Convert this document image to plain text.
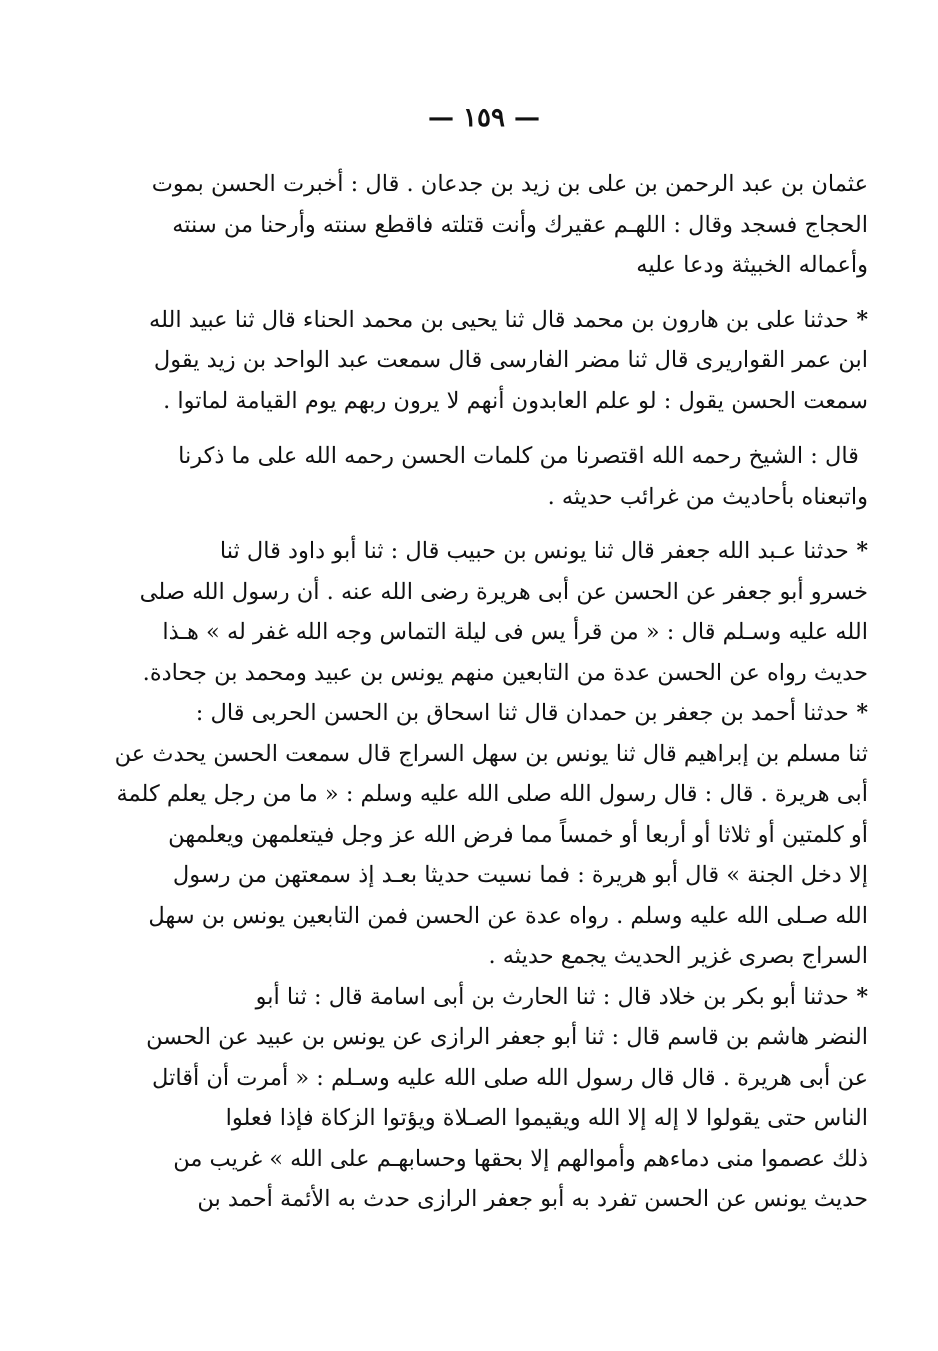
— ١٥٩ —

عثمان بن عبد الرحمن بن على بن زيد بن جدعان . قال : أخبرت الحسن بموت
الحجاج فسجد وقال : اللهـم عقيرك وأنت قتلته فاقطع سنته وأرحنا من سنته
وأعماله الخبيثة ودعا عليه

* حدثنا على بن هارون بن محمد قال ثنا يحيى بن محمد الحناء قال ثنا عبيد الله
ابن عمر القواريرى قال ثنا مضر الفارسى قال سمعت عبد الواحد بن زيد يقول
سمعت الحسن يقول : لو علم العابدون أنهم لا يرون ربهم يوم القيامة لماتوا .

ۚ قال : الشيخ رحمه الله اقتصرنا من كلمات الحسن رحمه الله على ما ذكرنا
واتبعناه بأحاديث من غرائب حديثه .

* حدثنا عـبد الله جعفر قال ثنا يونس بن حبيب قال : ثنا أبو داود قال ثنا
خسرو أبو جعفر عن الحسن عن أبى هريرة رضى الله عنه . أن رسول الله صلى
الله عليه وسـلم قال : « من قرأ يس فى ليلة التماس وجه الله غفر له » هـذا
حديث رواه عن الحسن عدة من التابعين منهم يونس بن عبيد ومحمد بن جحادة.

* حدثنا أحمد بن جعفر بن حمدان قال ثنا اسحاق بن الحسن الحربى قال :
ثنا مسلم بن إبراهيم قال ثنا يونس بن سهل السراج قال سمعت الحسن يحدث عن
أبى هريرة . قال : قال رسول الله صلى الله عليه وسلم : « ما من رجل يعلم كلمة
أو كلمتين أو ثلاثا أو أربعا أو خمساً مما فرض الله عز وجل فيتعلمهن ويعلمهن
إلا دخل الجنة » قال أبو هريرة : فما نسيت حديثا بعـد إذ سمعتهن من رسول
الله صـلى الله عليه وسلم . رواه عدة عن الحسن فمن التابعين يونس بن سهل
السراج بصرى غزير الحديث يجمع حديثه .

* حدثنا أبو بكر بن خلاد قال : ثنا الحارث بن أبى اسامة قال : ثنا أبو
النضر هاشم بن قاسم قال : ثنا أبو جعفر الرازى عن يونس بن عبيد عن الحسن
عن أبى هريرة . قال قال رسول الله صلى الله عليه وسـلم : « أمرت أن أقاتل
الناس حتى يقولوا لا إله إلا الله ويقيموا الصـلاة ويؤتوا الزكاة فإذا فعلوا
ذلك عصموا منى دماءهم وأموالهم إلا بحقها وحسابهـم على الله » غريب من
حديث يونس عن الحسن تفرد به أبو جعفر الرازى حدث به الأئمة أحمد بن
